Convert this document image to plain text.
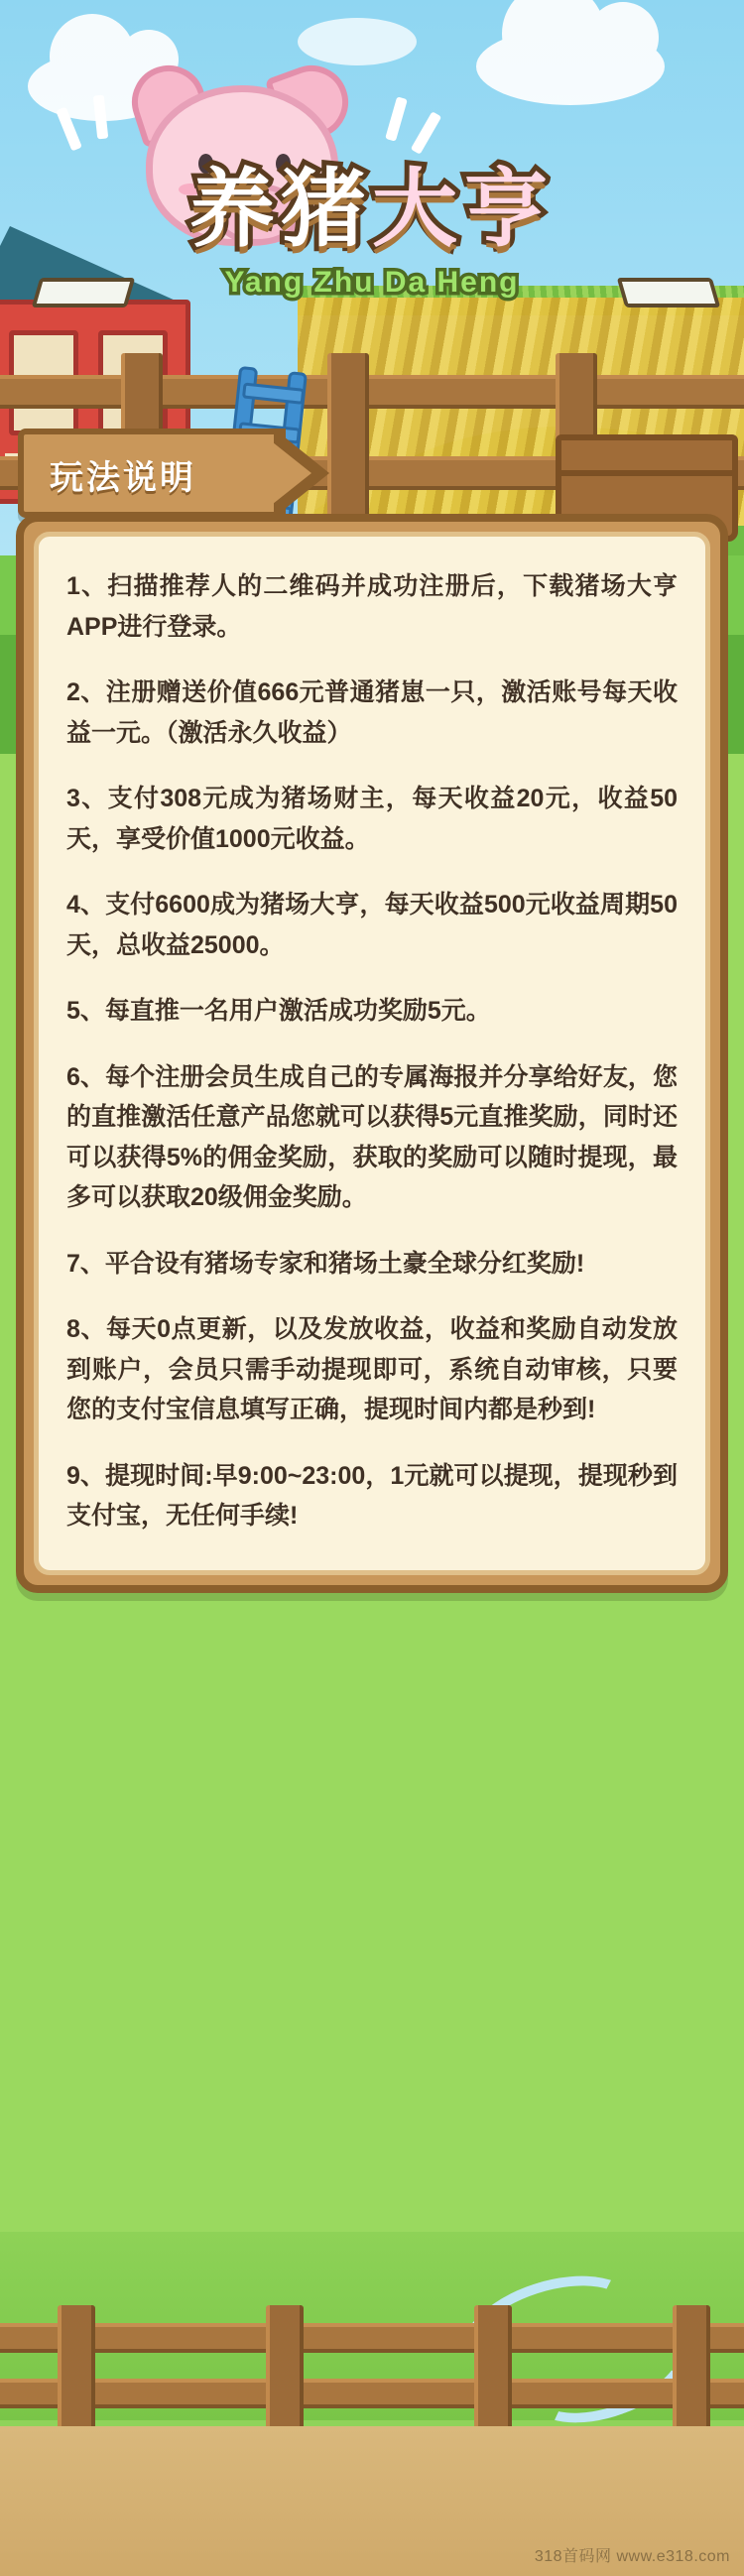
养猪大亨
Yang Zhu Da Heng
玩法说明

1、扫描推荐人的二维码并成功注册后，下载猪场大亨APP进行登录。

2、注册赠送价值666元普通猪崽一只，激活账号每天收益一元。（激活永久收益）

3、支付308元成为猪场财主，每天收益20元，收益50天，享受价值1000元收益。

4、支付6600成为猪场大亨，每天收益500元收益周期50天，总收益25000。

5、每直推一名用户激活成功奖励5元。

6、每个注册会员生成自己的专属海报并分享给好友，您的直推激活任意产品您就可以获得5元直推奖励，同时还可以获得5%的佣金奖励，获取的奖励可以随时提现，最多可以获取20级佣金奖励。

7、平合设有猪场专家和猪场土豪全球分红奖励!

8、每天0点更新，以及发放收益，收益和奖励自动发放到账户，会员只需手动提现即可，系统自动审核，只要您的支付宝信息填写正确，提现时间内都是秒到!

9、提现时间:早9:00~23:00，1元就可以提现，提现秒到支付宝，无任何手续!

318首码网 www.e318.com
